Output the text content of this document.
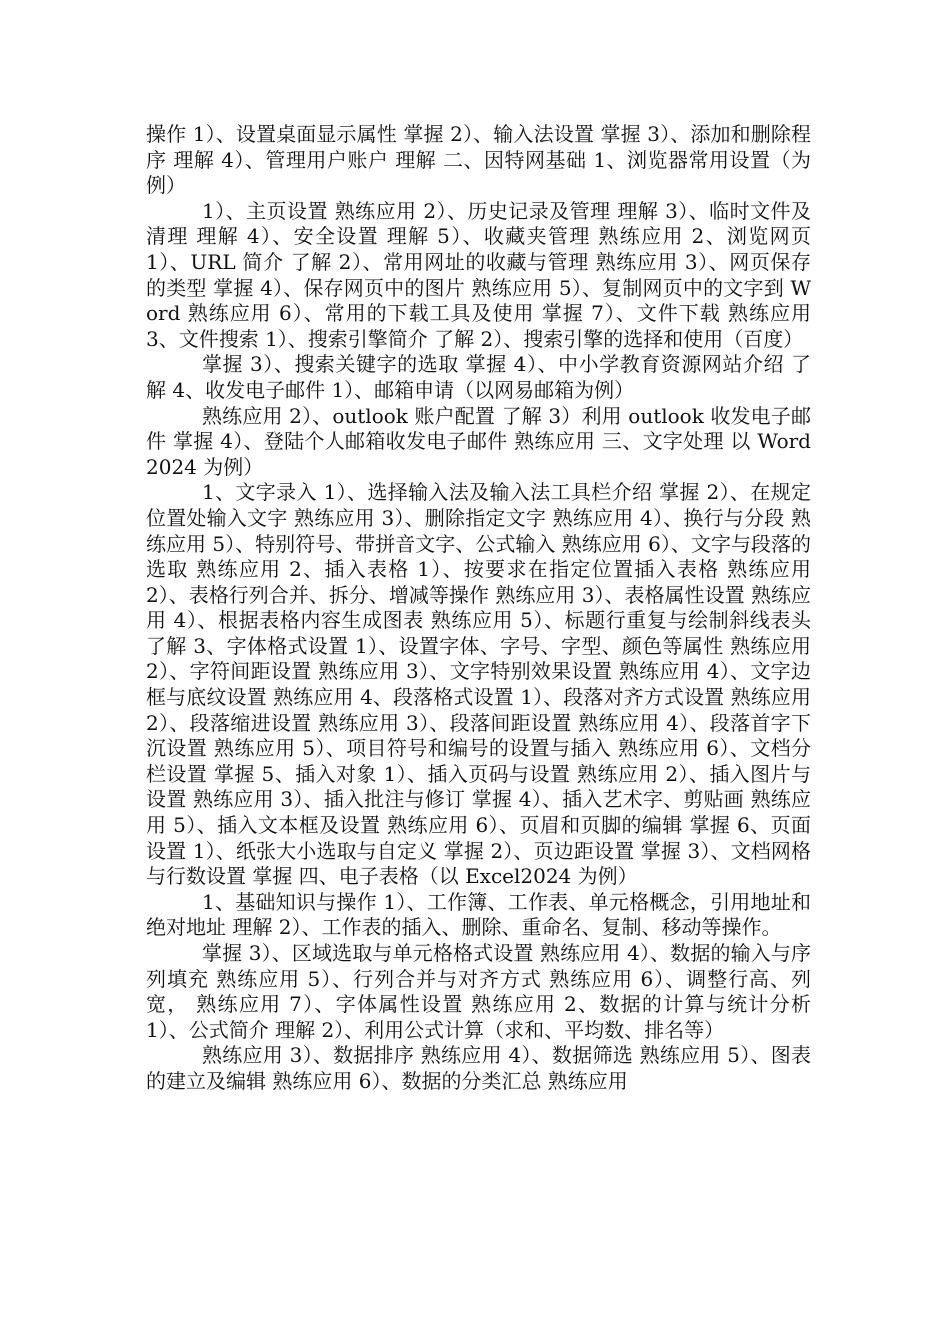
操作 1）、设置桌面显示属性 掌握 2）、输入法设置 掌握 3）、添加和删除程序 理解 4）、管理用户账户 理解 二、因特网基础 1、浏览器常用设置（为例）

1）、主页设置 熟练应用 2）、历史记录及管理 理解 3）、临时文件及清理 理解 4）、安全设置 理解 5）、收藏夹管理 熟练应用 2、浏览网页 1）、URL 简介 了解 2）、常用网址的收藏与管理 熟练应用 3）、网页保存的类型 掌握 4）、保存网页中的图片 熟练应用 5）、复制网页中的文字到 Word 熟练应用 6）、常用的下载工具及使用 掌握 7）、文件下载 熟练应用 3、文件搜索 1）、搜索引擎简介 了解 2）、搜索引擎的选择和使用（百度）

掌握 3）、搜索关键字的选取 掌握 4）、中小学教育资源网站介绍 了解 4、收发电子邮件 1）、邮箱申请（以网易邮箱为例）

熟练应用 2）、outlook 账户配置 了解 3）利用 outlook 收发电子邮件 掌握 4）、登陆个人邮箱收发电子邮件 熟练应用 三、文字处理 以 Word2024 为例）

1、文字录入 1）、选择输入法及输入法工具栏介绍 掌握 2）、在规定位置处输入文字 熟练应用 3）、删除指定文字 熟练应用 4）、换行与分段 熟练应用 5）、特别符号、带拼音文字、公式输入 熟练应用 6）、文字与段落的选取 熟练应用 2、插入表格 1）、按要求在指定位置插入表格 熟练应用 2）、表格行列合并、拆分、增减等操作 熟练应用 3）、表格属性设置 熟练应用 4）、根据表格内容生成图表 熟练应用 5）、标题行重复与绘制斜线表头 了解 3、字体格式设置 1）、设置字体、字号、字型、颜色等属性 熟练应用 2）、字符间距设置 熟练应用 3）、文字特别效果设置 熟练应用 4）、文字边框与底纹设置 熟练应用 4、段落格式设置 1）、段落对齐方式设置 熟练应用 2）、段落缩进设置 熟练应用 3）、段落间距设置 熟练应用 4）、段落首字下沉设置 熟练应用 5）、项目符号和编号的设置与插入 熟练应用 6）、文档分栏设置 掌握 5、插入对象 1）、插入页码与设置 熟练应用 2）、插入图片与设置 熟练应用 3）、插入批注与修订 掌握 4）、插入艺术字、剪贴画 熟练应用 5）、插入文本框及设置 熟练应用 6）、页眉和页脚的编辑 掌握 6、页面设置 1）、纸张大小选取与自定义 掌握 2）、页边距设置 掌握 3）、文档网格与行数设置 掌握 四、电子表格（以 Excel2024 为例）

1、基础知识与操作 1）、工作簿、工作表、单元格概念，引用地址和绝对地址 理解 2）、工作表的插入、删除、重命名、复制、移动等操作。

掌握 3）、区域选取与单元格格式设置 熟练应用 4）、数据的输入与序列填充 熟练应用 5）、行列合并与对齐方式 熟练应用 6）、调整行高、列宽， 熟练应用 7）、字体属性设置 熟练应用 2、数据的计算与统计分析 1）、公式简介 理解 2）、利用公式计算（求和、平均数、排名等）

熟练应用 3）、数据排序 熟练应用 4）、数据筛选 熟练应用 5）、图表的建立及编辑 熟练应用 6）、数据的分类汇总 熟练应用
